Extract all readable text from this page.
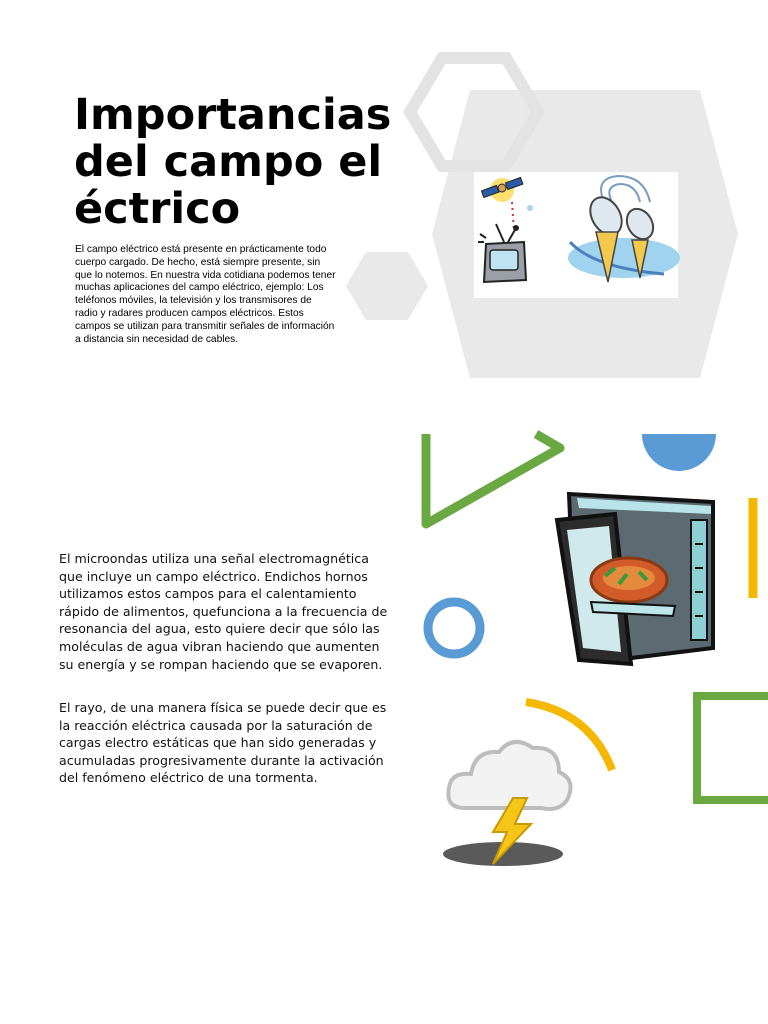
Importancias del campo eléctrico

El campo eléctrico está presente en prácticamente todo cuerpo cargado. De hecho, está siempre presente, sin que lo notemos. En nuestra vida cotidiana podemos tener muchas aplicaciones del campo eléctrico, ejemplo: Los teléfonos móviles, la televisión y los transmisores de radio y radares producen campos eléctricos. Estos campos se utilizan para transmitir señales de información a distancia sin necesidad de cables.

El microondas utiliza una señal electromagnética que incluye un campo eléctrico. Endichos hornos utilizamos estos campos para el calentamiento rápido de alimentos, quefunciona a la frecuencia de resonancia del agua, esto quiere decir que sólo las moléculas de agua vibran haciendo que aumenten su energía y se rompan haciendo que se evaporen.

El rayo, de una manera física se puede decir que es la reacción eléctrica causada por la saturación de cargas electro estáticas que han sido generadas y acumuladas progresivamente durante la activación del fenómeno eléctrico de una tormenta.
